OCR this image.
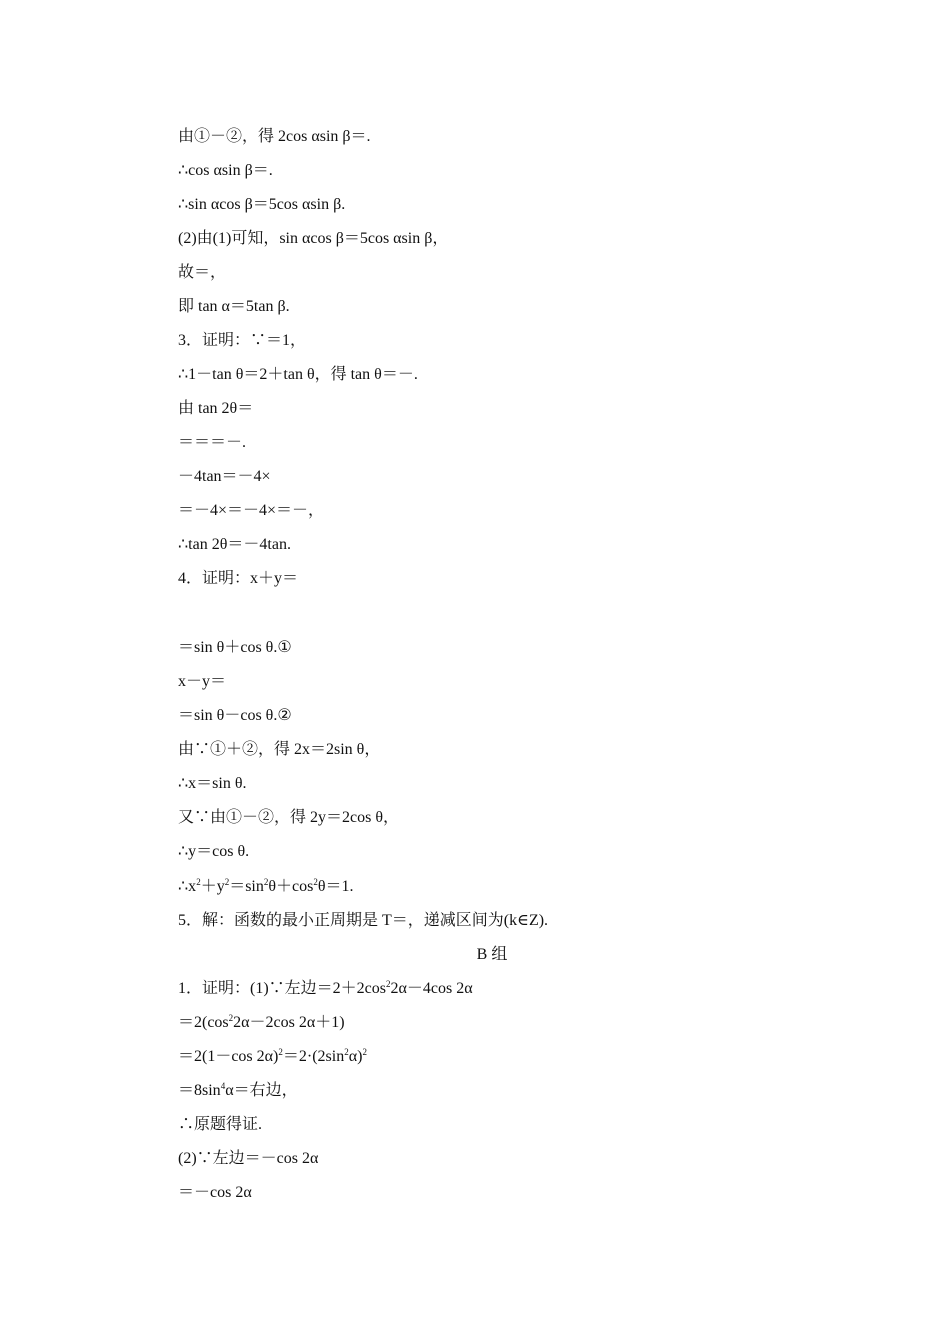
由①－②，得 2cos αsin β＝.
∴cos αsin β＝.
∴sin αcos β＝5cos αsin β.
(2)由(1)可知，sin αcos β＝5cos αsin β，
故＝，
即 tan α＝5tan β.
3．证明：∵＝1，
∴1－tan θ＝2＋tan θ，得 tan θ＝－.
由 tan 2θ＝
＝＝＝－.
－4tan＝－4×
＝－4×＝－4×＝－，
∴tan 2θ＝－4tan.
4．证明：x＋y＝
＝sin θ＋cos θ.①
x－y＝
＝sin θ－cos θ.②
由∵①＋②，得 2x＝2sin θ，
∴x＝sin θ.
又∵由①－②，得 2y＝2cos θ，
∴y＝cos θ.
$\therefore x^2+y^2=\sin^2\theta+\cos^2\theta=1$.
5．解：函数的最小正周期是 T＝，递减区间为(k∈Z).
B 组
1．证明：(1)∵左边$=2+2\cos^22\alpha-4\cos$ 2α
$=2(\cos^22\alpha-2\cos$ 2α＋1)
＝2(1－cos $2\alpha)^2=2\cdot(2\sin^2\alpha)^2$
$=8\sin^4\alpha=$右边，
∴原题得证.
(2)∵左边＝－cos 2α
＝－cos 2α
